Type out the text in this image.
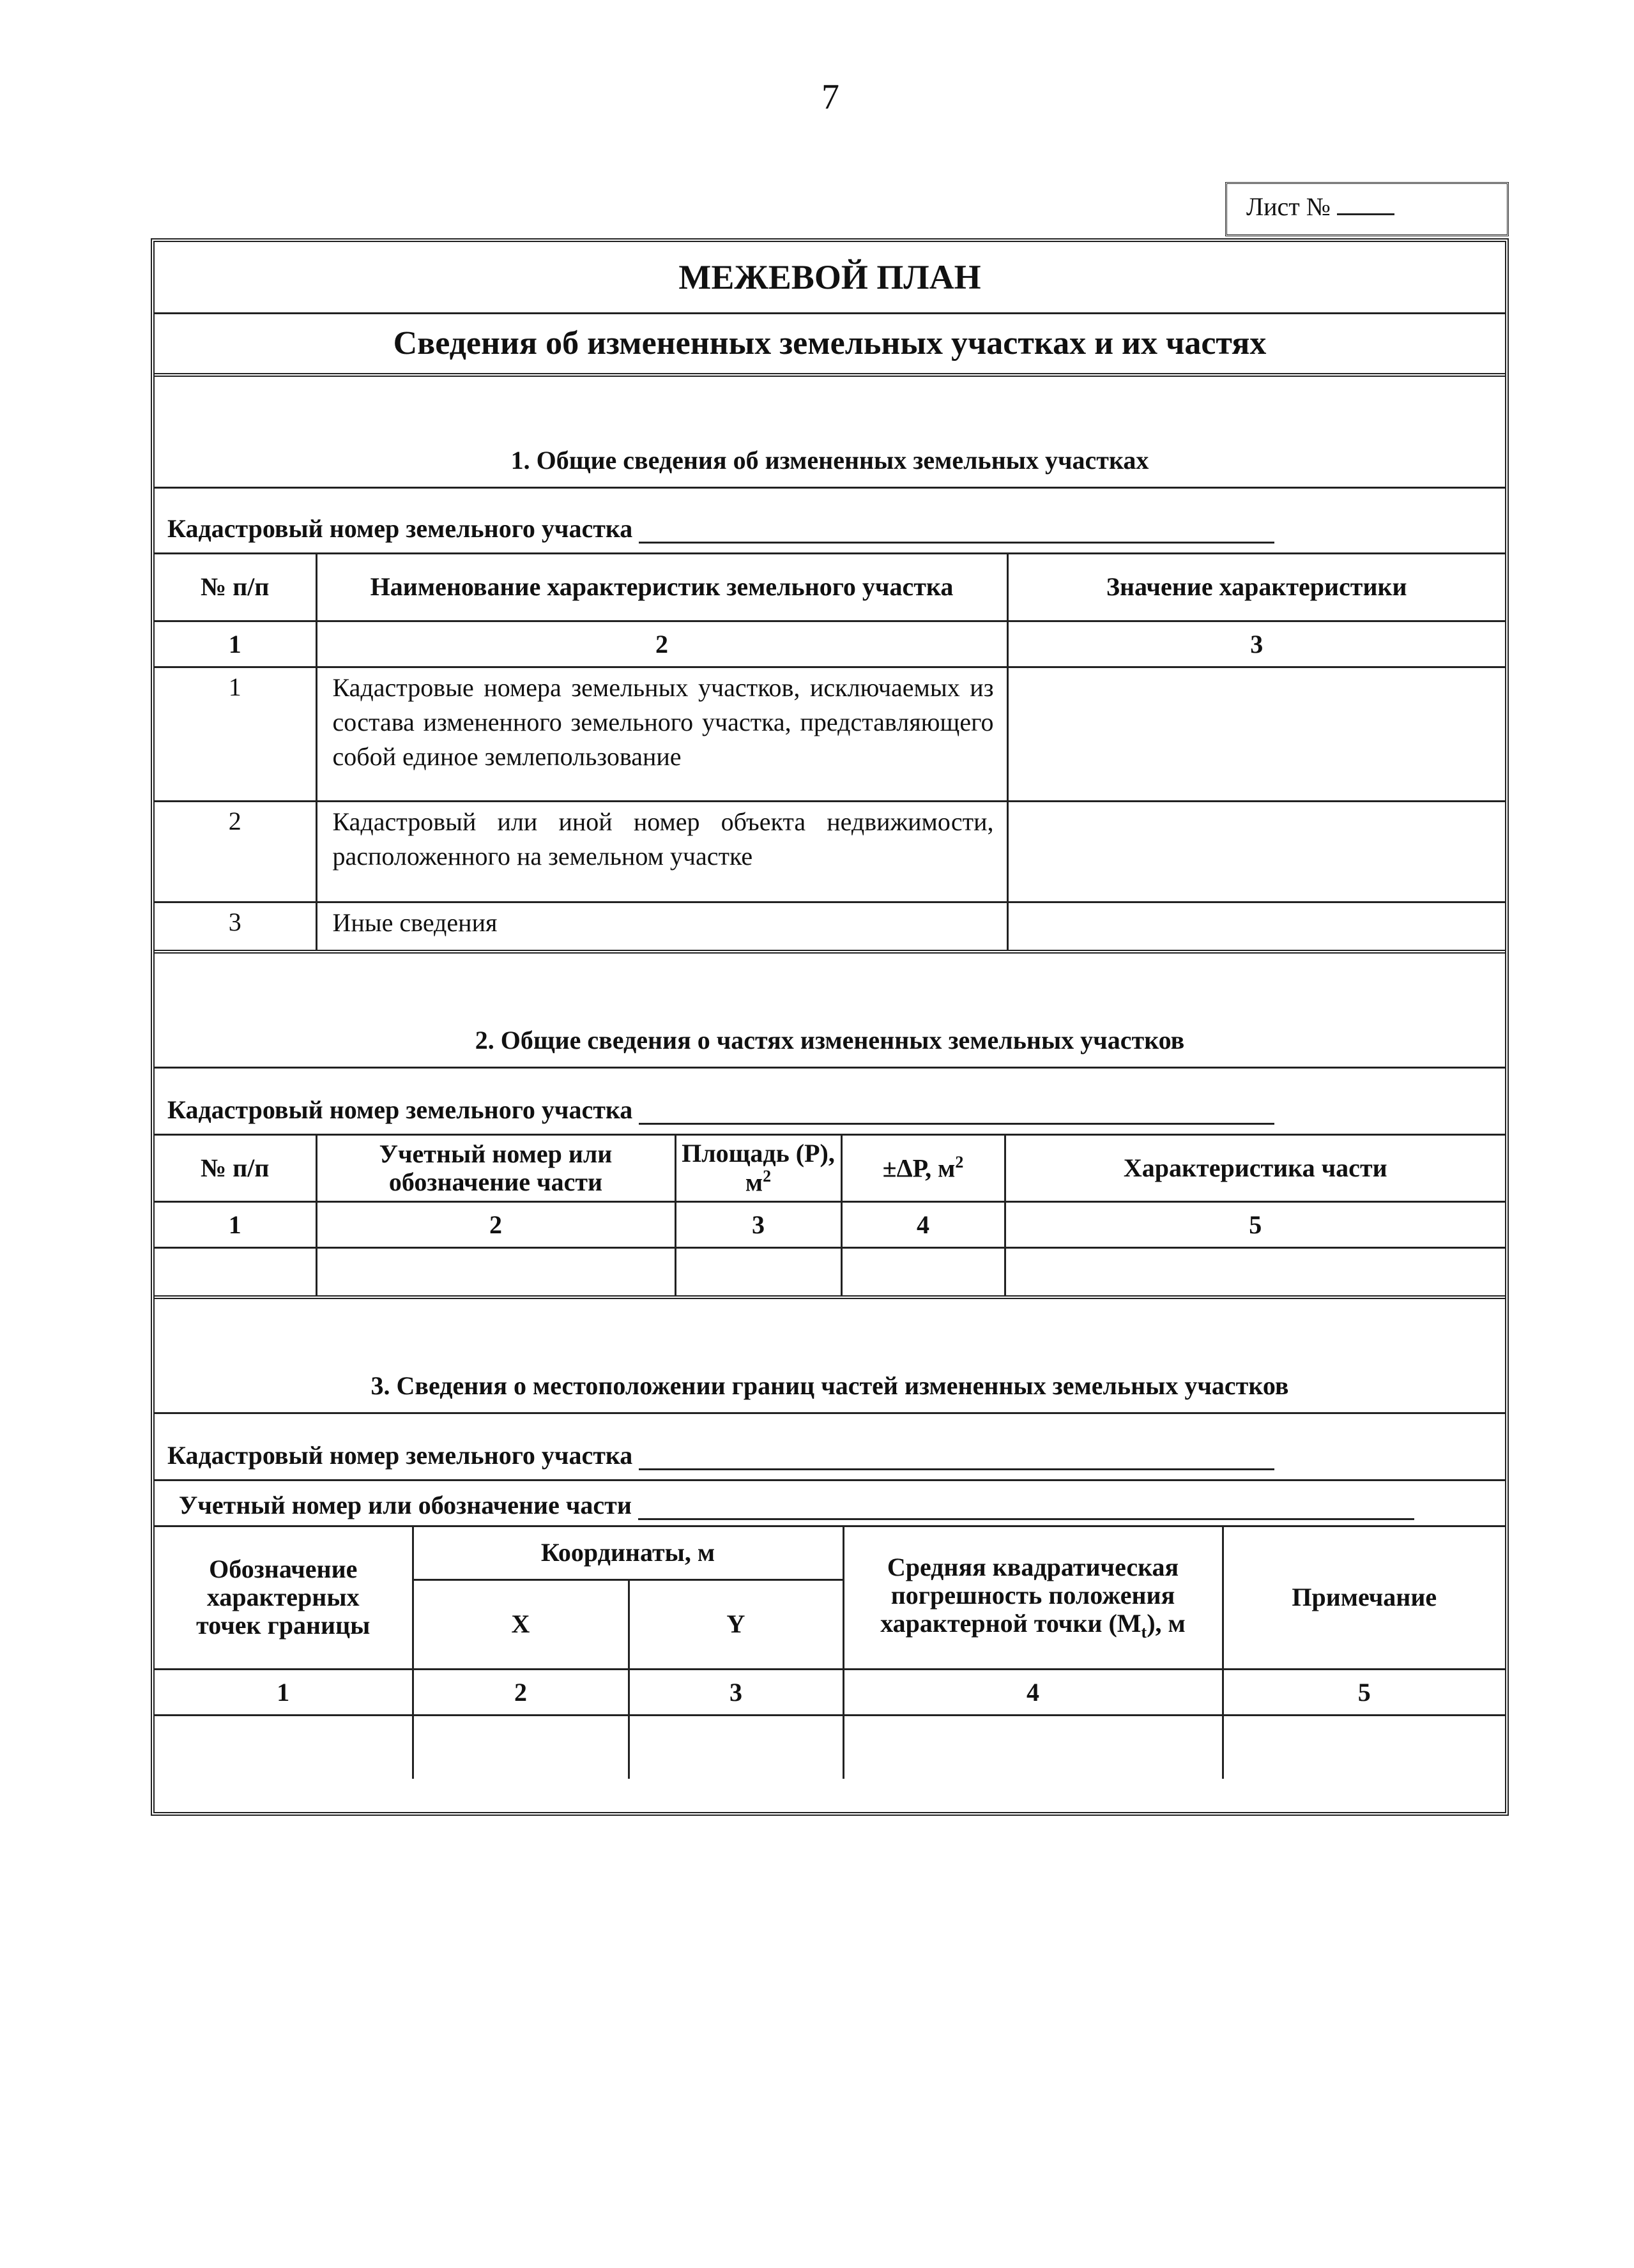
7
Лист №
МЕЖЕВОЙ ПЛАН
Сведения об измененных земельных участках и их частях
1. Общие сведения об измененных земельных участках
Кадастровый номер земельного участка
№ п/п	Наименование характеристик земельного участка	Значение характеристики
1	2	3
1	Кадастровые номера земельных участков, исключаемых из состава измененного земельного участка, представляющего собой единое землепользование	
2	Кадастровый или иной номер объекта недвижимости, расположенного на земельном участке	
3	Иные сведения	
2. Общие сведения о частях измененных земельных участков
Кадастровый номер земельного участка
№ п/п	Учетный номер или обозначение части	Площадь (Р), $м^2$	±ΔР, $м^2$	Характеристика части
1	2	3	4	5

3. Сведения о местоположении границ частей измененных земельных участков
Кадастровый номер земельного участка
Учетный номер или обозначение части
Обозначение характерных точек границы	Координаты, м		Средняя квадратическая погрешность положения характерной точки $(M_t)$, м	Примечание
	X	Y		
1	2	3	4	5
